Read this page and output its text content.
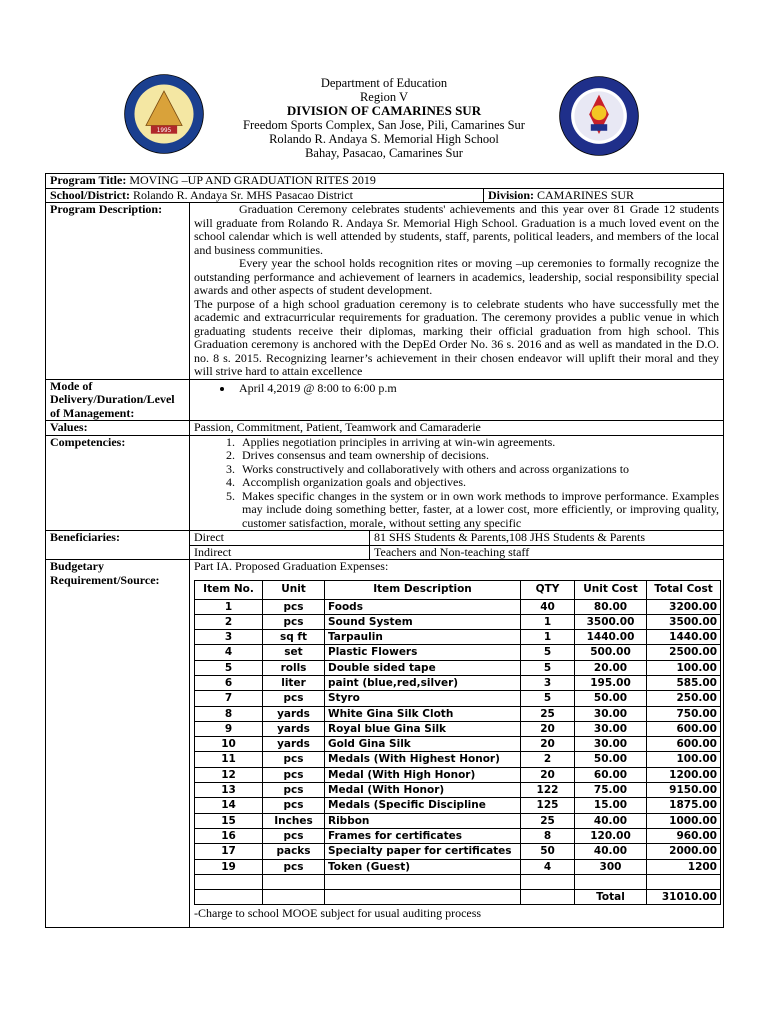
1995
Department of Education
Region V
DIVISION OF CAMARINES SUR
Freedom Sports Complex, San Jose, Pili, Camarines Sur
Rolando R. Andaya S. Memorial High School
Bahay, Pasacao, Camarines Sur
Program Title: MOVING –UP AND GRADUATION RITES 2019
School/District: Rolando R. Andaya Sr. MHS Pasacao District	Division: CAMARINES SUR
Program Description:	Graduation Ceremony celebrates students' achievements and this year over 81 Grade 12 students will graduate from Rolando R. Andaya Sr. Memorial High School. Graduation is a much loved event on the school calendar which is well attended by students, staff, parents, political leaders, and members of the local and business communities.
Every year the school holds recognition rites or moving –up ceremonies to formally recognize the outstanding performance and achievement of learners in academics, leadership, social responsibility special awards and other aspects of student development.
The purpose of a high school graduation ceremony is to celebrate students who have successfully met the academic and extracurricular requirements for graduation. The ceremony provides a public venue in which graduating students receive their diplomas, marking their official graduation from high school. This Graduation ceremony is anchored with the DepEd Order No. 36 s. 2016 and as well as mandated in the D.O. no. 8 s. 2015. Recognizing learner’s achievement in their chosen endeavor will uplift their moral and they will strive hard to attain excellence

Mode of Delivery/Duration/Level of Management:	
• April 4,2019 @ 8:00 to 6:00 p.m

Values:	Passion, Commitment, Patient, Teamwork and Camaraderie
Competencies:	
1.Applies negotiation principles in arriving at win-win agreements.
2. Drives consensus and team ownership of decisions.
3. Works constructively and collaboratively with others and across organizations to
4. Accomplish organization goals and objectives.
5. Makes specific changes in the system or in own work methods to improve performance. Examples may include doing something better, faster, at a lower cost, more efficiently, or improving quality, customer satisfaction, morale, without setting any specific

Beneficiaries:	Direct	81 SHS Students & Parents,108 JHS Students & Parents
Indirect	Teachers and Non-teaching staff
Budgetary Requirement/Source:	
Part IA. Proposed Graduation Expenses:
Item No.	Unit	Item Description	QTY	Unit Cost	Total Cost
1	pcs	Foods	40	80.00	3200.00
2	pcs	Sound System	1	3500.00	3500.00
3	sq ft	Tarpaulin	1	1440.00	1440.00
4	set	Plastic Flowers	5	500.00	2500.00
5	rolls	Double sided tape	5	20.00	100.00
6	liter	paint (blue,red,silver)	3	195.00	585.00
7	pcs	Styro	5	50.00	250.00
8	yards	White Gina Silk Cloth	25	30.00	750.00
9	yards	Royal blue Gina Silk	20	30.00	600.00
10	yards	Gold Gina Silk	20	30.00	600.00
11	pcs	Medals (With Highest Honor)	2	50.00	100.00
12	pcs	Medal (With High Honor)	20	60.00	1200.00
13	pcs	Medal (With Honor)	122	75.00	9150.00
14	pcs	Medals (Specific Discipline	125	15.00	1875.00
15	Inches	Ribbon	25	40.00	1000.00
16	pcs	Frames for certificates	8	120.00	960.00
17	packs	Specialty paper for certificates	50	40.00	2000.00
19	pcs	Token (Guest)	4	300	1200

				Total	31010.00
-Charge to school MOOE subject for usual auditing process
